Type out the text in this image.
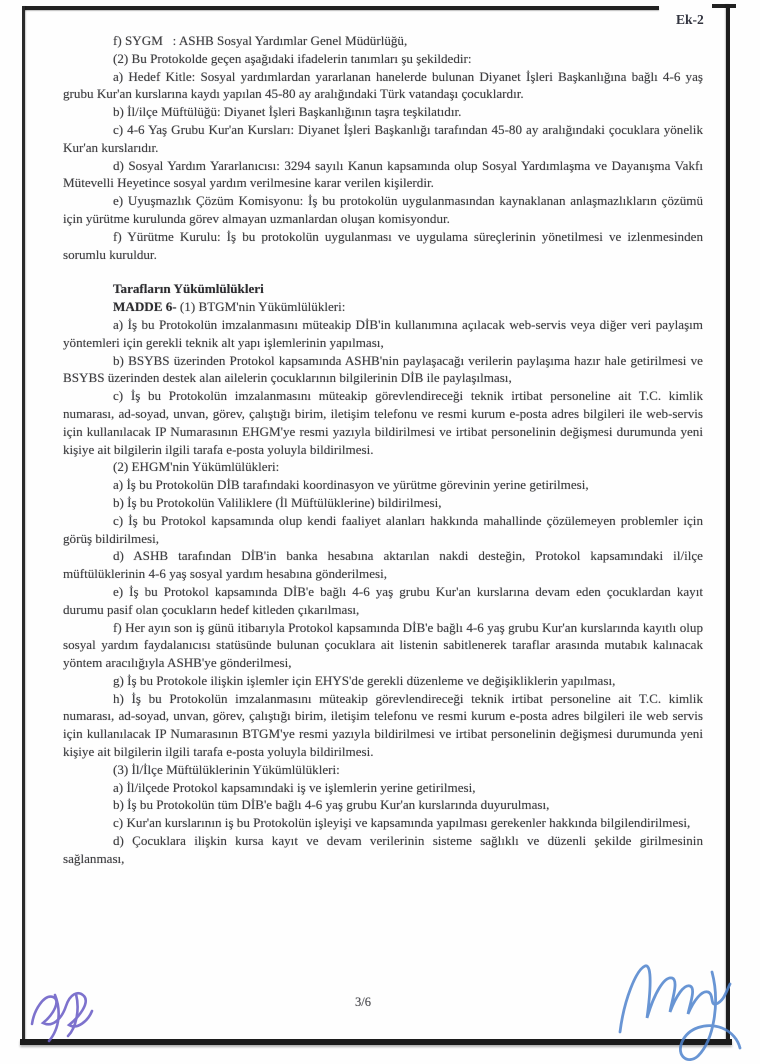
Ek-2

f) SYGM   : ASHB Sosyal Yardımlar Genel Müdürlüğü,

(2) Bu Protokolde geçen aşağıdaki ifadelerin tanımları şu şekildedir:

a) Hedef Kitle: Sosyal yardımlardan yararlanan hanelerde bulunan Diyanet İşleri Başkanlığına bağlı 4-6 yaş grubu Kur'an kurslarına kaydı yapılan 45-80 ay aralığındaki Türk vatandaşı çocuklardır.

b) İl/ilçe Müftülüğü: Diyanet İşleri Başkanlığının taşra teşkilatıdır.

c) 4-6 Yaş Grubu Kur'an Kursları: Diyanet İşleri Başkanlığı tarafından 45-80 ay aralığındaki çocuklara yönelik Kur'an kurslarıdır.

d) Sosyal Yardım Yararlanıcısı: 3294 sayılı Kanun kapsamında olup Sosyal Yardımlaşma ve Dayanışma Vakfı Mütevelli Heyetince sosyal yardım verilmesine karar verilen kişilerdir.

e) Uyuşmazlık Çözüm Komisyonu: İş bu protokolün uygulanmasından kaynaklanan anlaşmazlıkların çözümü için yürütme kurulunda görev almayan uzmanlardan oluşan komisyondur.

f) Yürütme Kurulu: İş bu protokolün uygulanması ve uygulama süreçlerinin yönetilmesi ve izlenmesinden sorumlu kuruldur.

Tarafların Yükümlülükleri

MADDE 6- (1) BTGM'nin Yükümlülükleri:

a) İş bu Protokolün imzalanmasını müteakip DİB'in kullanımına açılacak web-servis veya diğer veri paylaşım yöntemleri için gerekli teknik alt yapı işlemlerinin yapılması,

b) BSYBS üzerinden Protokol kapsamında ASHB'nin paylaşacağı verilerin paylaşıma hazır hale getirilmesi ve BSYBS üzerinden destek alan ailelerin çocuklarının bilgilerinin DİB ile paylaşılması,

c) İş bu Protokolün imzalanmasını müteakip görevlendireceği teknik irtibat personeline ait T.C. kimlik numarası, ad-soyad, unvan, görev, çalıştığı birim, iletişim telefonu ve resmi kurum e-posta adres bilgileri ile web-servis için kullanılacak IP Numarasının EHGM'ye resmi yazıyla bildirilmesi ve irtibat personelinin değişmesi durumunda yeni kişiye ait bilgilerin ilgili tarafa e-posta yoluyla bildirilmesi.

(2) EHGM'nin Yükümlülükleri:

a) İş bu Protokolün DİB tarafındaki koordinasyon ve yürütme görevinin yerine getirilmesi,

b) İş bu Protokolün Valiliklere (İl Müftülüklerine) bildirilmesi,

c) İş bu Protokol kapsamında olup kendi faaliyet alanları hakkında mahallinde çözülemeyen problemler için görüş bildirilmesi,

d) ASHB tarafından DİB'in banka hesabına aktarılan nakdi desteğin, Protokol kapsamındaki il/ilçe müftülüklerinin 4-6 yaş sosyal yardım hesabına gönderilmesi,

e) İş bu Protokol kapsamında DİB'e bağlı 4-6 yaş grubu Kur'an kurslarına devam eden çocuklardan kayıt durumu pasif olan çocukların hedef kitleden çıkarılması,

f) Her ayın son iş günü itibarıyla Protokol kapsamında DİB'e bağlı 4-6 yaş grubu Kur'an kurslarında kayıtlı olup sosyal yardım faydalanıcısı statüsünde bulunan çocuklara ait listenin sabitlenerek taraflar arasında mutabık kalınacak yöntem aracılığıyla ASHB'ye gönderilmesi,

g) İş bu Protokole ilişkin işlemler için EHYS'de gerekli düzenleme ve değişikliklerin yapılması,

h) İş bu Protokolün imzalanmasını müteakip görevlendireceği teknik irtibat personeline ait T.C. kimlik numarası, ad-soyad, unvan, görev, çalıştığı birim, iletişim telefonu ve resmi kurum e-posta adres bilgileri ile web servis için kullanılacak IP Numarasının BTGM'ye resmi yazıyla bildirilmesi ve irtibat personelinin değişmesi durumunda yeni kişiye ait bilgilerin ilgili tarafa e-posta yoluyla bildirilmesi.

(3) İl/İlçe Müftülüklerinin Yükümlülükleri:

a) İl/ilçede Protokol kapsamındaki iş ve işlemlerin yerine getirilmesi,

b) İş bu Protokolün tüm DİB'e bağlı 4-6 yaş grubu Kur'an kurslarında duyurulması,

c) Kur'an kurslarının iş bu Protokolün işleyişi ve kapsamında yapılması gerekenler hakkında bilgilendirilmesi,

d) Çocuklara ilişkin kursa kayıt ve devam verilerinin sisteme sağlıklı ve düzenli şekilde girilmesinin sağlanması,

3/6
